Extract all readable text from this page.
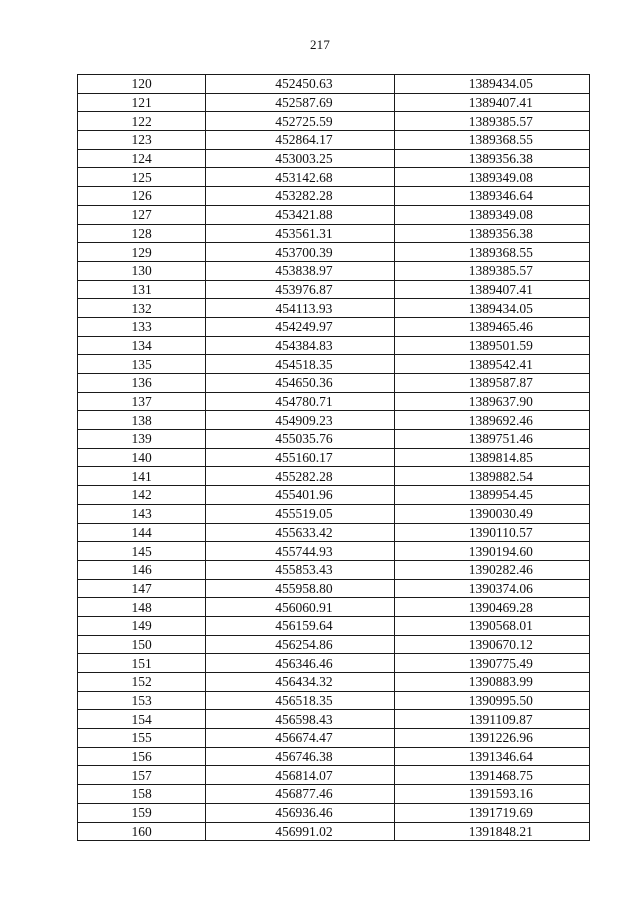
217
120	452450.63	1389434.05
121	452587.69	1389407.41
122	452725.59	1389385.57
123	452864.17	1389368.55
124	453003.25	1389356.38
125	453142.68	1389349.08
126	453282.28	1389346.64
127	453421.88	1389349.08
128	453561.31	1389356.38
129	453700.39	1389368.55
130	453838.97	1389385.57
131	453976.87	1389407.41
132	454113.93	1389434.05
133	454249.97	1389465.46
134	454384.83	1389501.59
135	454518.35	1389542.41
136	454650.36	1389587.87
137	454780.71	1389637.90
138	454909.23	1389692.46
139	455035.76	1389751.46
140	455160.17	1389814.85
141	455282.28	1389882.54
142	455401.96	1389954.45
143	455519.05	1390030.49
144	455633.42	1390110.57
145	455744.93	1390194.60
146	455853.43	1390282.46
147	455958.80	1390374.06
148	456060.91	1390469.28
149	456159.64	1390568.01
150	456254.86	1390670.12
151	456346.46	1390775.49
152	456434.32	1390883.99
153	456518.35	1390995.50
154	456598.43	1391109.87
155	456674.47	1391226.96
156	456746.38	1391346.64
157	456814.07	1391468.75
158	456877.46	1391593.16
159	456936.46	1391719.69
160	456991.02	1391848.21
